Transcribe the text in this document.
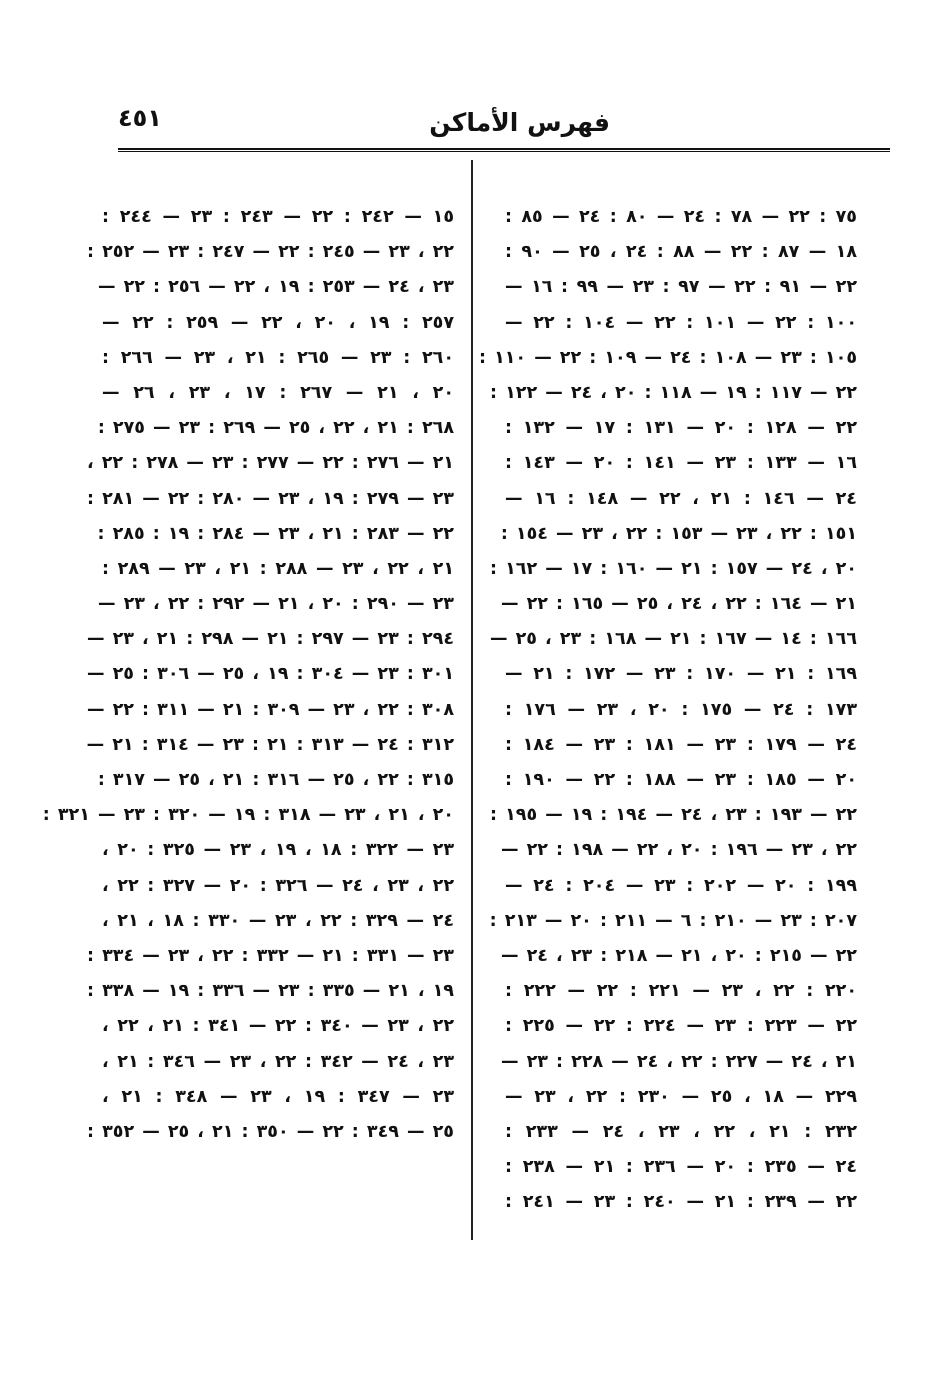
فهرس الأماكن
٤٥١
٧٥ : ٢٢ — ٧٨ : ٢٤ — ٨٠ : ٢٤ — ٨٥ :
١٨ — ٨٧ : ٢٢ — ٨٨ : ٢٤ ، ٢٥ — ٩٠ :
٢٢ — ٩١ : ٢٢ — ٩٧ : ٢٣ — ٩٩ : ١٦ —
١٠٠ : ٢٢ — ١٠١ : ٢٢ — ١٠٤ : ٢٢ —
١٠٥ : ٢٣ — ١٠٨ : ٢٤ — ١٠٩ : ٢٢ — ١١٠ :
٢٢ — ١١٧ : ١٩ — ١١٨ : ٢٠ ، ٢٤ — ١٢٢ :
٢٢ — ١٢٨ : ٢٠ — ١٣١ : ١٧ — ١٣٢ :
١٦ — ١٣٣ : ٢٣ — ١٤١ : ٢٠ — ١٤٣ :
٢٤ — ١٤٦ : ٢١ ، ٢٢ — ١٤٨ : ١٦ —
١٥١ : ٢٢ ، ٢٣ — ١٥٣ : ٢٢ ، ٢٣ — ١٥٤ :
٢٠ ، ٢٤ — ١٥٧ : ٢١ — ١٦٠ : ١٧ — ١٦٢ :
٢١ — ١٦٤ : ٢٢ ، ٢٤ ، ٢٥ — ١٦٥ : ٢٢ —
١٦٦ : ١٤ — ١٦٧ : ٢١ — ١٦٨ : ٢٣ ، ٢٥ —
١٦٩ : ٢١ — ١٧٠ : ٢٣ — ١٧٢ : ٢١ —
١٧٣ : ٢٤ — ١٧٥ : ٢٠ ، ٢٣ — ١٧٦ :
٢٤ — ١٧٩ : ٢٣ — ١٨١ : ٢٣ — ١٨٤ :
٢٠ — ١٨٥ : ٢٣ — ١٨٨ : ٢٢ — ١٩٠ :
٢٢ — ١٩٣ : ٢٣ ، ٢٤ — ١٩٤ : ١٩ — ١٩٥ :
٢٢ ، ٢٣ — ١٩٦ : ٢٠ ، ٢٢ — ١٩٨ : ٢٢ —
١٩٩ : ٢٠ — ٢٠٢ : ٢٣ — ٢٠٤ : ٢٤ —
٢٠٧ : ٢٣ — ٢١٠ : ٦ — ٢١١ : ٢٠ — ٢١٣ :
٢٢ — ٢١٥ : ٢٠ ، ٢١ — ٢١٨ : ٢٣ ، ٢٤ —
٢٢٠ : ٢٢ ، ٢٣ — ٢٢١ : ٢٢ — ٢٢٢ :
٢٢ — ٢٢٣ : ٢٣ — ٢٢٤ : ٢٢ — ٢٢٥ :
٢١ ، ٢٤ — ٢٢٧ : ٢٢ ، ٢٤ — ٢٢٨ : ٢٣ —
٢٢٩ — ١٨ ، ٢٥ — ٢٣٠ : ٢٢ ، ٢٣ —
٢٣٢ : ٢١ ، ٢٢ ، ٢٣ ، ٢٤ — ٢٣٣ :
٢٤ — ٢٣٥ : ٢٠ — ٢٣٦ : ٢١ — ٢٣٨ :
٢٢ — ٢٣٩ : ٢١ — ٢٤٠ : ٢٣ — ٢٤١ :
١٥ — ٢٤٢ : ٢٢ — ٢٤٣ : ٢٣ — ٢٤٤ :
٢٢ ، ٢٣ — ٢٤٥ : ٢٢ — ٢٤٧ : ٢٣ — ٢٥٢ :
٢٣ ، ٢٤ — ٢٥٣ : ١٩ ، ٢٢ — ٢٥٦ : ٢٢ —
٢٥٧ : ١٩ ، ٢٠ ، ٢٢ — ٢٥٩ : ٢٢ —
٢٦٠ : ٢٣ — ٢٦٥ : ٢١ ، ٢٣ — ٢٦٦ :
٢٠ ، ٢١ — ٢٦٧ : ١٧ ، ٢٣ ، ٢٦ —
٢٦٨ : ٢١ ، ٢٢ ، ٢٥ — ٢٦٩ : ٢٣ — ٢٧٥ :
٢١ — ٢٧٦ : ٢٢ — ٢٧٧ : ٢٣ — ٢٧٨ : ٢٢ ،
٢٣ — ٢٧٩ : ١٩ ، ٢٣ — ٢٨٠ : ٢٢ — ٢٨١ :
٢٢ — ٢٨٣ : ٢١ ، ٢٣ — ٢٨٤ : ١٩ : ٢٨٥ :
٢١ ، ٢٢ ، ٢٣ — ٢٨٨ : ٢١ ، ٢٣ — ٢٨٩ :
٢٣ — ٢٩٠ : ٢٠ ، ٢١ — ٢٩٢ : ٢٢ ، ٢٣ —
٢٩٤ : ٢٣ — ٢٩٧ : ٢١ — ٢٩٨ : ٢١ ، ٢٣ —
٣٠١ : ٢٣ — ٣٠٤ : ١٩ ، ٢٥ — ٣٠٦ : ٢٥ —
٣٠٨ : ٢٢ ، ٢٣ — ٣٠٩ : ٢١ — ٣١١ : ٢٢ —
٣١٢ : ٢٤ — ٣١٣ : ٢١ : ٢٣ — ٣١٤ : ٢١ —
٣١٥ : ٢٢ ، ٢٥ — ٣١٦ : ٢١ ، ٢٥ — ٣١٧ :
٢٠ ، ٢١ ، ٢٣ — ٣١٨ : ١٩ — ٣٢٠ : ٢٣ — ٣٢١ :
٢٣ — ٣٢٢ : ١٨ ، ١٩ ، ٢٣ — ٣٢٥ : ٢٠ ،
٢٢ ، ٢٣ ، ٢٤ — ٣٢٦ : ٢٠ — ٣٢٧ : ٢٢ ،
٢٤ — ٣٢٩ : ٢٢ ، ٢٣ — ٣٣٠ : ١٨ ، ٢١ ،
٢٣ — ٣٣١ : ٢١ — ٣٣٢ : ٢٢ ، ٢٣ — ٣٣٤ :
١٩ ، ٢١ — ٣٣٥ : ٢٣ — ٣٣٦ : ١٩ — ٣٣٨ :
٢٢ ، ٢٣ — ٣٤٠ : ٢٢ — ٣٤١ : ٢١ ، ٢٢ ،
٢٣ ، ٢٤ — ٣٤٢ : ٢٢ ، ٢٣ — ٣٤٦ : ٢١ ،
٢٣ — ٣٤٧ : ١٩ ، ٢٣ — ٣٤٨ : ٢١ ،
٢٥ — ٣٤٩ : ٢٢ — ٣٥٠ : ٢١ ، ٢٥ — ٣٥٢ :
